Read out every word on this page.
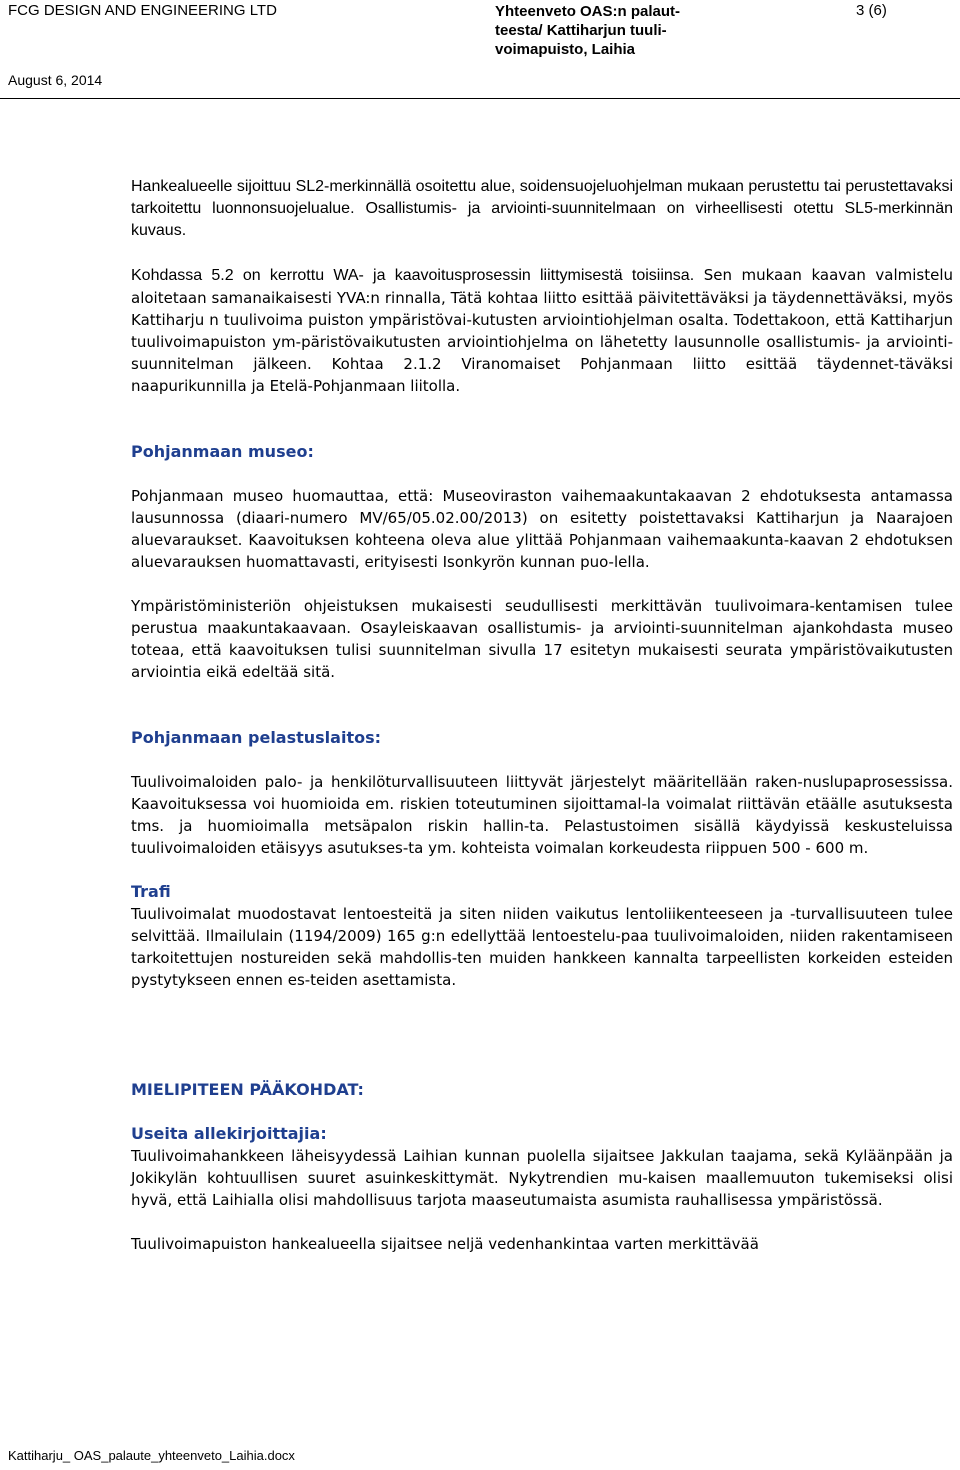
FCG DESIGN AND ENGINEERING LTD	Yhteenveto OAS:n palaut-teesta/ Kattiharjun tuuli-voimapuisto, Laihia
3 (6)
August 6, 2014

Hankealueelle sijoittuu SL2-merkinnällä osoitettu alue, soidensuojeluohjelman mukaan perustettu tai perustettavaksi tarkoitettu luonnonsuojelualue. Osallistumis- ja arviointi-suunnitelmaan on virheellisesti otettu SL5-merkinnän kuvaus.

Kohdassa 5.2 on kerrottu WA- ja kaavoitusprosessin liittymisestä toisiinsa. Sen mukaan kaavan valmistelu aloitetaan samanaikaisesti YVA:n rinnalla, Tätä kohtaa liitto esittää päivitettäväksi ja täydennettäväksi, myös Kattiharju n tuulivoima puiston ympäristövai-kutusten arviointiohjelman osalta. Todettakoon, että Kattiharjun tuulivoimapuiston ym-päristövaikutusten arviointiohjelma on lähetetty lausunnolle osallistumis- ja arviointi-suunnitelman jälkeen. Kohtaa 2.1.2 Viranomaiset Pohjanmaan liitto esittää täydennet-täväksi naapurikunnilla ja Etelä-Pohjanmaan liitolla.

Pohjanmaan museo:

Pohjanmaan museo huomauttaa, että: Museoviraston vaihemaakuntakaavan 2 ehdotuksesta antamassa lausunnossa (diaari-numero MV/65/05.02.00/2013) on esitetty poistettavaksi Kattiharjun ja Naarajoen aluevaraukset. Kaavoituksen kohteena oleva alue ylittää Pohjanmaan vaihemaakunta-kaavan 2 ehdotuksen aluevarauksen huomattavasti, erityisesti Isonkyrön kunnan puo-lella.

Ympäristöministeriön ohjeistuksen mukaisesti seudullisesti merkittävän tuulivoimara-kentamisen tulee perustua maakuntakaavaan. Osayleiskaavan osallistumis- ja arviointi-suunnitelman ajankohdasta museo toteaa, että kaavoituksen tulisi suunnitelman sivulla 17 esitetyn mukaisesti seurata ympäristövaikutusten arviointia eikä edeltää sitä.

Pohjanmaan pelastuslaitos:

Tuulivoimaloiden palo- ja henkilöturvallisuuteen liittyvät järjestelyt määritellään raken-nuslupaprosessissa. Kaavoituksessa voi huomioida em. riskien toteutuminen sijoittamal-la voimalat riittävän etäälle asutuksesta tms. ja huomioimalla metsäpalon riskin hallin-ta. Pelastustoimen sisällä käydyissä keskusteluissa tuulivoimaloiden etäisyys asutukses-ta ym. kohteista voimalan korkeudesta riippuen 500 - 600 m.

Trafi

Tuulivoimalat muodostavat lentoesteitä ja siten niiden vaikutus lentoliikenteeseen ja -turvallisuuteen tulee selvittää. Ilmailulain (1194/2009) 165 g:n edellyttää lentoestelu-paa tuulivoimaloiden, niiden rakentamiseen tarkoitettujen nostureiden sekä mahdollis-ten muiden hankkeen kannalta tarpeellisten korkeiden esteiden pystytykseen ennen es-teiden asettamista.

MIELIPITEEN PÄÄKOHDAT:

Useita allekirjoittajia:

Tuulivoimahankkeen läheisyydessä Laihian kunnan puolella sijaitsee Jakkulan taajama, sekä Kyläänpään ja Jokikylän kohtuullisen suuret asuinkeskittymät. Nykytrendien mu-kaisen maallemuuton tukemiseksi olisi hyvä, että Laihialla olisi mahdollisuus tarjota maaseutumaista asumista rauhallisessa ympäristössä.

Tuulivoimapuiston hankealueella sijaitsee neljä vedenhankintaa varten merkittävää

Kattiharju_ OAS_palaute_yhteenveto_Laihia.docx
